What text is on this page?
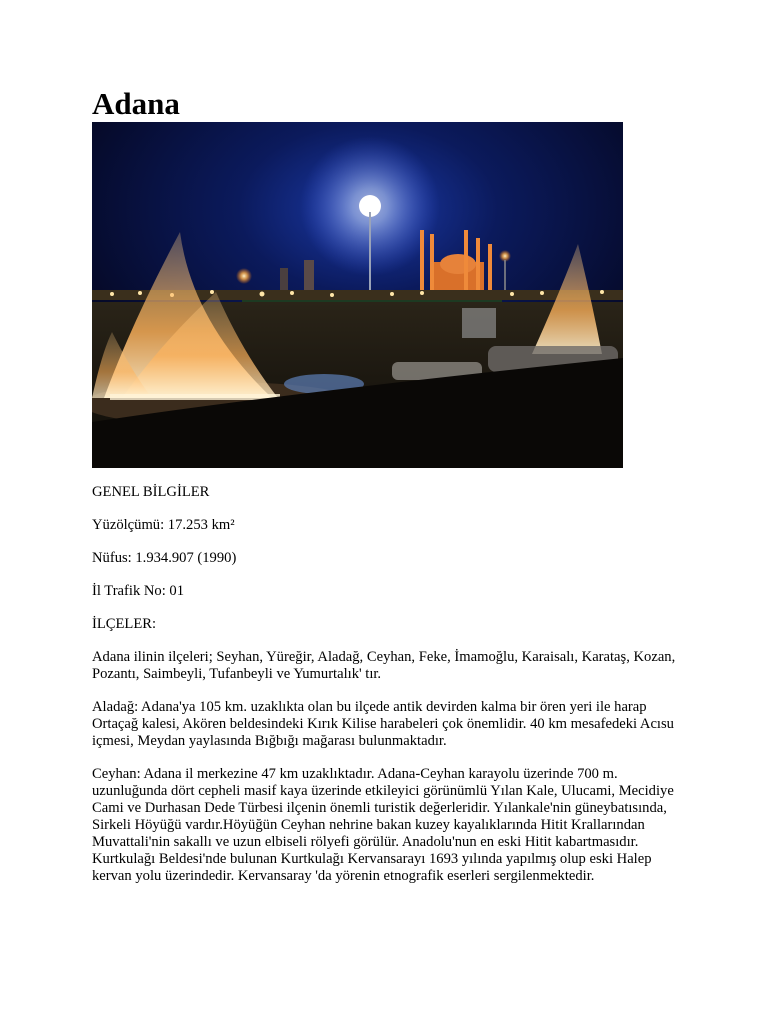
Adana

GENEL BİLGİLER

Yüzölçümü: 17.253 km²

Nüfus: 1.934.907 (1990)

İl Trafik No: 01

İLÇELER:

Adana ilinin ilçeleri; Seyhan, Yüreğir, Aladağ, Ceyhan, Feke, İmamoğlu, Karaisalı, Karataş, Kozan, Pozantı, Saimbeyli, Tufanbeyli ve Yumurtalık' tır.

Aladağ: Adana'ya 105 km. uzaklıkta olan bu ilçede antik devirden kalma bir ören yeri ile harap Ortaçağ kalesi, Akören beldesindeki Kırık Kilise harabeleri çok önemlidir. 40 km mesafedeki Acısu içmesi, Meydan yaylasında Bığbığı mağarası bulunmaktadır.

Ceyhan: Adana il merkezine 47 km uzaklıktadır. Adana-Ceyhan karayolu üzerinde 700 m. uzunluğunda dört cepheli masif kaya üzerinde etkileyici görünümlü Yılan Kale, Ulucami, Mecidiye Cami ve Durhasan Dede Türbesi ilçenin önemli turistik değerleridir. Yılankale'nin güneybatısında, Sirkeli Höyüğü vardır.Höyüğün Ceyhan nehrine bakan kuzey kayalıklarında Hitit Krallarından Muvattali'nin sakallı ve uzun elbiseli rölyefi görülür. Anadolu'nun en eski Hitit kabartmasıdır. Kurtkulağı Beldesi'nde bulunan Kurtkulağı Kervansarayı 1693 yılında yapılmış olup eski Halep kervan yolu üzerindedir. Kervansaray 'da yörenin etnografik eserleri sergilenmektedir.
